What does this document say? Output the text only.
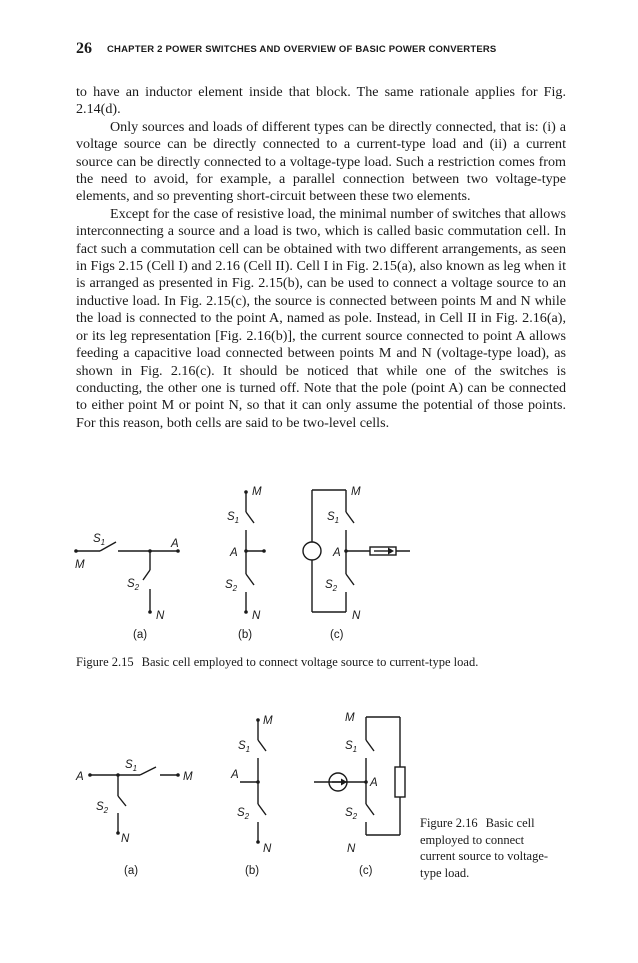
26 CHAPTER 2 POWER SWITCHES AND OVERVIEW OF BASIC POWER CONVERTERS

to have an inductor element inside that block. The same rationale applies for Fig. 2.14(d).

Only sources and loads of different types can be directly connected, that is: (i) a voltage source can be directly connected to a current-type load and (ii) a current source can be directly connected to a voltage-type load. Such a restriction comes from the need to avoid, for example, a parallel connection between two voltage-type elements, and so preventing short-circuit between these two elements.

Except for the case of resistive load, the minimal number of switches that allows interconnecting a source and a load is two, which is called basic commutation cell. In fact such a commutation cell can be obtained with two different arrangements, as seen in Figs 2.15 (Cell I) and 2.16 (Cell II). Cell I in Fig. 2.15(a), also known as leg when it is arranged as presented in Fig. 2.15(b), can be used to connect a voltage source to an inductive load. In Fig. 2.15(c), the source is connected between points M and N while the load is connected to the point A, named as pole. Instead, in Cell II in Fig. 2.16(a), or its leg representation [Fig. 2.16(b)], the current source connected to point A allows feeding a capacitive load connected between points M and N (voltage-type load), as shown in Fig. 2.16(c). It should be noticed that while one of the switches is conducting, the other one is turned off. Note that the pole (point A) can be connected to either point M or point N, so that it can only assume the potential of those points. For this reason, both cells are said to be two-level cells.

M
$S_1$	A
$S_2$
N
(a)
M
$S_1$
A
$S_2$
N
(b)
M
$S_1$
A
$S_2$
N
(c)
Figure 2.15 Basic cell employed to connect voltage source to current-type load.
A
$S_1$
M
$S_2$
N
(a)
M
$S_1$
A
$S_2$
N
(b)
M
$S_1$
A
$S_2$
N
(c)
Figure 2.16 Basic cell employed to connect current source to voltage-type load.
